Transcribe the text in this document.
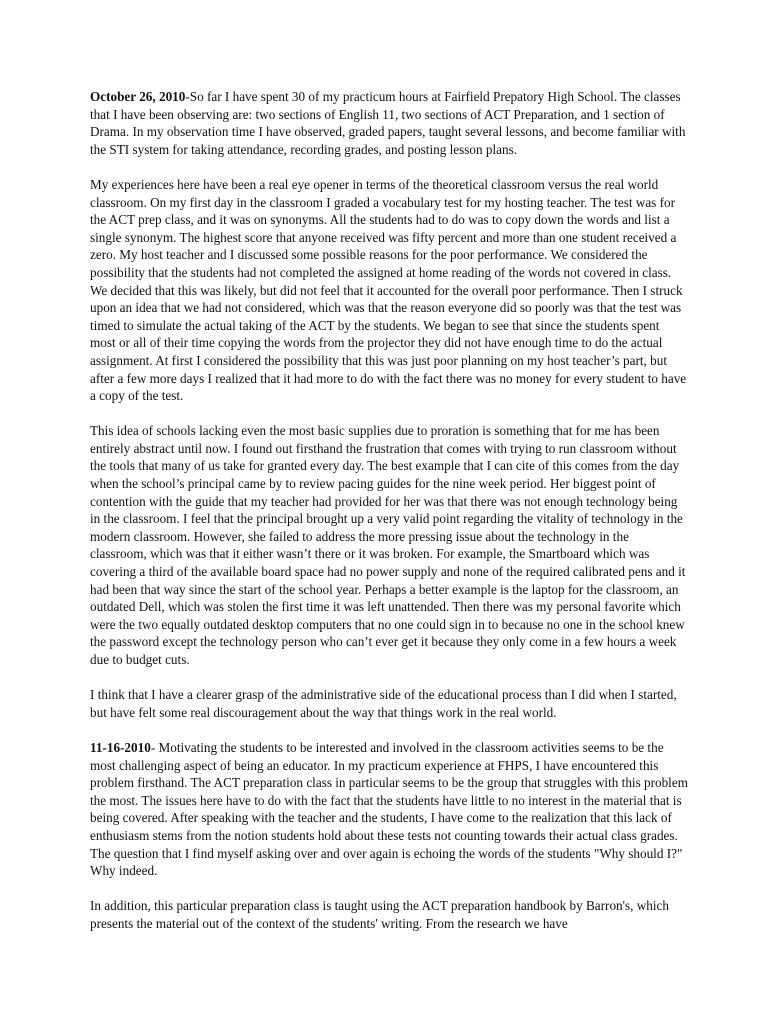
October 26, 2010-So far I have spent 30 of my practicum hours at Fairfield Prepatory High School. The classes that I have been observing are: two sections of English 11, two sections of ACT Preparation, and 1 section of Drama. In my observation time I have observed, graded papers, taught several lessons, and become familiar with the STI system for taking attendance, recording grades, and posting lesson plans.

My experiences here have been a real eye opener in terms of the theoretical classroom versus the real world classroom. On my first day in the classroom I graded a vocabulary test for my hosting teacher. The test was for the ACT prep class, and it was on synonyms. All the students had to do was to copy down the words and list a single synonym. The highest score that anyone received was fifty percent and more than one student received a zero. My host teacher and I discussed some possible reasons for the poor performance. We considered the possibility that the students had not completed the assigned at home reading of the words not covered in class. We decided that this was likely, but did not feel that it accounted for the overall poor performance. Then I struck upon an idea that we had not considered, which was that the reason everyone did so poorly was that the test was timed to simulate the actual taking of the ACT by the students. We began to see that since the students spent most or all of their time copying the words from the projector they did not have enough time to do the actual assignment. At first I considered the possibility that this was just poor planning on my host teacher’s part, but after a few more days I realized that it had more to do with the fact there was no money for every student to have a copy of the test.

This idea of schools lacking even the most basic supplies due to proration is something that for me has been entirely abstract until now. I found out firsthand the frustration that comes with trying to run classroom without the tools that many of us take for granted every day. The best example that I can cite of this comes from the day when the school’s principal came by to review pacing guides for the nine week period. Her biggest point of contention with the guide that my teacher had provided for her was that there was not enough technology being in the classroom. I feel that the principal brought up a very valid point regarding the vitality of technology in the modern classroom. However, she failed to address the more pressing issue about the technology in the classroom, which was that it either wasn’t there or it was broken. For example, the Smartboard which was covering a third of the available board space had no power supply and none of the required calibrated pens and it had been that way since the start of the school year. Perhaps a better example is the laptop for the classroom, an outdated Dell, which was stolen the first time it was left unattended. Then there was my personal favorite which were the two equally outdated desktop computers that no one could sign in to because no one in the school knew the password except the technology person who can’t ever get it because they only come in a few hours a week due to budget cuts.

I think that I have a clearer grasp of the administrative side of the educational process than I did when I started, but have felt some real discouragement about the way that things work in the real world.

11-16-2010- Motivating the students to be interested and involved in the classroom activities seems to be the most challenging aspect of being an educator. In my practicum experience at FHPS, I have encountered this problem firsthand. The ACT preparation class in particular seems to be the group that struggles with this problem the most. The issues here have to do with the fact that the students have little to no interest in the material that is being covered. After speaking with the teacher and the students, I have come to the realization that this lack of enthusiasm stems from the notion students hold about these tests not counting towards their actual class grades. The question that I find myself asking over and over again is echoing the words of the students "Why should I?" Why indeed.

In addition, this particular preparation class is taught using the ACT preparation handbook by Barron's, which presents the material out of the context of the students' writing. From the research we have
